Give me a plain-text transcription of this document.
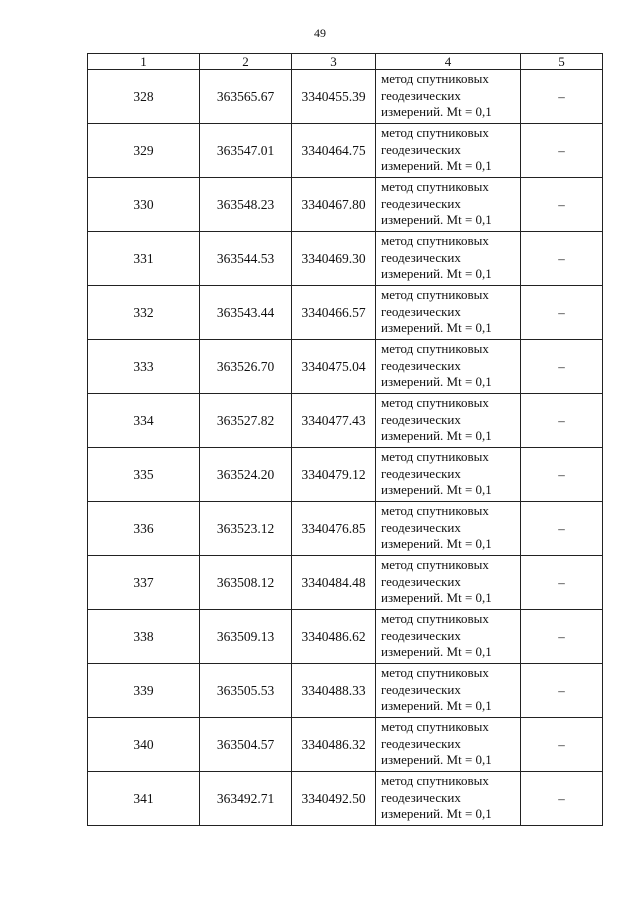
49
1	2	3	4	5
328	363565.67	3340455.39	метод спутниковых
геодезических
измерений. Mt = 0,1	–
329	363547.01	3340464.75	метод спутниковых
геодезических
измерений. Mt = 0,1	–
330	363548.23	3340467.80	метод спутниковых
геодезических
измерений. Mt = 0,1	–
331	363544.53	3340469.30	метод спутниковых
геодезических
измерений. Mt = 0,1	–
332	363543.44	3340466.57	метод спутниковых
геодезических
измерений. Mt = 0,1	–
333	363526.70	3340475.04	метод спутниковых
геодезических
измерений. Mt = 0,1	–
334	363527.82	3340477.43	метод спутниковых
геодезических
измерений. Mt = 0,1	–
335	363524.20	3340479.12	метод спутниковых
геодезических
измерений. Mt = 0,1	–
336	363523.12	3340476.85	метод спутниковых
геодезических
измерений. Mt = 0,1	–
337	363508.12	3340484.48	метод спутниковых
геодезических
измерений. Mt = 0,1	–
338	363509.13	3340486.62	метод спутниковых
геодезических
измерений. Mt = 0,1	–
339	363505.53	3340488.33	метод спутниковых
геодезических
измерений. Mt = 0,1	–
340	363504.57	3340486.32	метод спутниковых
геодезических
измерений. Mt = 0,1	–
341	363492.71	3340492.50	метод спутниковых
геодезических
измерений. Mt = 0,1	–
